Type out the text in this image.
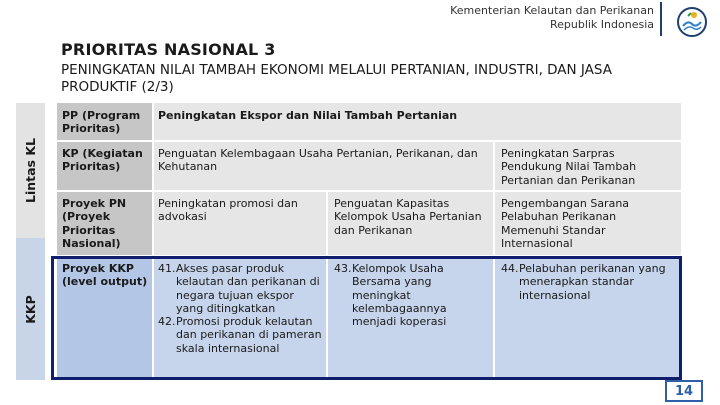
Kementerian Kelautan dan Perikanan
Republik Indonesia
PRIORITAS NASIONAL 3
PENINGKATAN NILAI TAMBAH EKONOMI MELALUI PERTANIAN, INDUSTRI, DAN JASA PRODUKTIF (2/3)
Lintas KL
KKP
PP (Program Prioritas)
Peningkatan Ekspor dan Nilai Tambah Pertanian
KP (Kegiatan Prioritas)
Penguatan Kelembagaan Usaha Pertanian, Perikanan, dan Kehutanan
Peningkatan Sarpras Pendukung Nilai Tambah Pertanian dan Perikanan
Proyek PN (Proyek Prioritas Nasional)
Peningkatan promosi dan advokasi
Penguatan Kapasitas Kelompok Usaha Pertanian dan Perikanan
Pengembangan Sarana Pelabuhan Perikanan Memenuhi Standar Internasional
Proyek KKP (level output)
41.Akses pasar produk kelautan dan perikanan di negara tujuan ekspor yang ditingkatkan
42.Promosi produk kelautan dan perikanan di pameran skala internasional
43.Kelompok Usaha Bersama yang meningkat kelembagaannya menjadi koperasi
44.Pelabuhan perikanan yang menerapkan standar internasional
14
